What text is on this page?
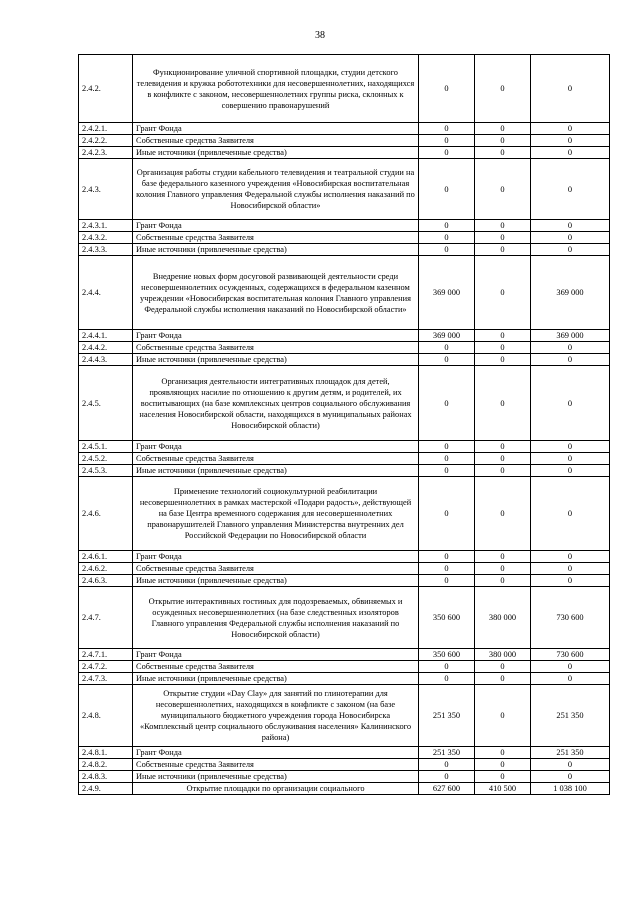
38
2.4.2.	Функционирование уличной спортивной площадки, студии детского телевидения и кружка робототехники для несовершеннолетних, находящихся в конфликте с законом, несовершеннолетних группы риска, склонных к совершению правонарушений	0	0	0
2.4.2.1.	Грант Фонда	0	0	0
2.4.2.2.	Собственные средства Заявителя	0	0	0
2.4.2.3.	Иные источники (привлеченные средства)	0	0	0
2.4.3.	Организация работы студии кабельного телевидения и театральной студии на базе федерального казенного учреждения «Новосибирская воспитательная колония Главного управления Федеральной службы исполнения наказаний по Новосибирской области»	0	0	0
2.4.3.1.	Грант Фонда	0	0	0
2.4.3.2.	Собственные средства Заявителя	0	0	0
2.4.3.3.	Иные источники (привлеченные средства)	0	0	0
2.4.4.	Внедрение новых форм досуговой развивающей деятельности среди несовершеннолетних осужденных, содержащихся в федеральном казенном учреждении «Новосибирская воспитательная колония Главного управления Федеральной службы исполнения наказаний по Новосибирской области»	369 000	0	369 000
2.4.4.1.	Грант Фонда	369 000	0	369 000
2.4.4.2.	Собственные средства Заявителя	0	0	0
2.4.4.3.	Иные источники (привлеченные средства)	0	0	0
2.4.5.	Организация деятельности интегративных площадок для детей, проявляющих насилие по отношению к другим детям, и родителей, их воспитывающих (на базе комплексных центров социального обслуживания населения Новосибирской области, находящихся в муниципальных районах Новосибирской области)	0	0	0
2.4.5.1.	Грант Фонда	0	0	0
2.4.5.2.	Собственные средства Заявителя	0	0	0
2.4.5.3.	Иные источники (привлеченные средства)	0	0	0
2.4.6.	Применение технологий социокультурной реабилитации несовершеннолетних в рамках мастерской «Подари радость», действующей на базе Центра временного содержания для несовершеннолетних правонарушителей Главного управления Министерства внутренних дел Российской Федерации по Новосибирской области	0	0	0
2.4.6.1.	Грант Фонда	0	0	0
2.4.6.2.	Собственные средства Заявителя	0	0	0
2.4.6.3.	Иные источники (привлеченные средства)	0	0	0
2.4.7.	Открытие интерактивных гостиных для подозреваемых, обвиняемых и осужденных несовершеннолетних (на базе следственных изоляторов Главного управления Федеральной службы исполнения наказаний по Новосибирской области)	350 600	380 000	730 600
2.4.7.1.	Грант Фонда	350 600	380 000	730 600
2.4.7.2.	Собственные средства Заявителя	0	0	0
2.4.7.3.	Иные источники (привлеченные средства)	0	0	0
2.4.8.	Открытие студии «Day Clay» для занятий по глинотерапии для несовершеннолетних, находящихся в конфликте с законом (на базе муниципального бюджетного учреждения города Новосибирска «Комплексный центр социального обслуживания населения» Калининского района)	251 350	0	251 350
2.4.8.1.	Грант Фонда	251 350	0	251 350
2.4.8.2.	Собственные средства Заявителя	0	0	0
2.4.8.3.	Иные источники (привлеченные средства)	0	0	0
2.4.9.	Открытие площадки по организации социального	627 600	410 500	1 038 100
